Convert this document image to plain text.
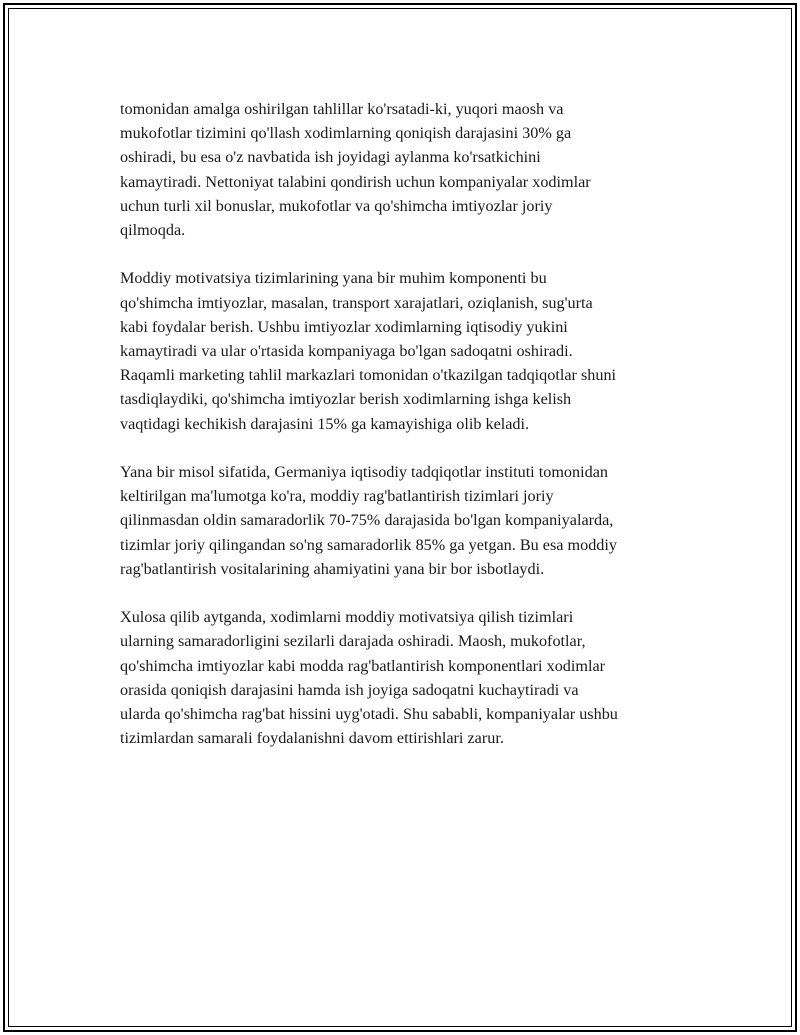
tomonidan amalga oshirilgan tahlillar ko'rsatadi-ki, yuqori maosh va
mukofotlar tizimini qo'llash xodimlarning qoniqish darajasini 30% ga
oshiradi, bu esa o'z navbatida ish joyidagi aylanma ko'rsatkichini
kamaytiradi. Nettoniyat talabini qondirish uchun kompaniyalar xodimlar
uchun turli xil bonuslar, mukofotlar va qo'shimcha imtiyozlar joriy
qilmoqda.

Moddiy motivatsiya tizimlarining yana bir muhim komponenti bu
qo'shimcha imtiyozlar, masalan, transport xarajatlari, oziqlanish, sug'urta
kabi foydalar berish. Ushbu imtiyozlar xodimlarning iqtisodiy yukini
kamaytiradi va ular o'rtasida kompaniyaga bo'lgan sadoqatni oshiradi.
Raqamli marketing tahlil markazlari tomonidan o'tkazilgan tadqiqotlar shuni
tasdiqlaydiki, qo'shimcha imtiyozlar berish xodimlarning ishga kelish
vaqtidagi kechikish darajasini 15% ga kamayishiga olib keladi.

Yana bir misol sifatida, Germaniya iqtisodiy tadqiqotlar instituti tomonidan
keltirilgan ma'lumotga ko'ra, moddiy rag'batlantirish tizimlari joriy
qilinmasdan oldin samaradorlik 70-75% darajasida bo'lgan kompaniyalarda,
tizimlar joriy qilingandan so'ng samaradorlik 85% ga yetgan. Bu esa moddiy
rag'batlantirish vositalarining ahamiyatini yana bir bor isbotlaydi.

Xulosa qilib aytganda, xodimlarni moddiy motivatsiya qilish tizimlari
ularning samaradorligini sezilarli darajada oshiradi. Maosh, mukofotlar,
qo'shimcha imtiyozlar kabi modda rag'batlantirish komponentlari xodimlar
orasida qoniqish darajasini hamda ish joyiga sadoqatni kuchaytiradi va
ularda qo'shimcha rag'bat hissini uyg'otadi. Shu sababli, kompaniyalar ushbu
tizimlardan samarali foydalanishni davom ettirishlari zarur.
